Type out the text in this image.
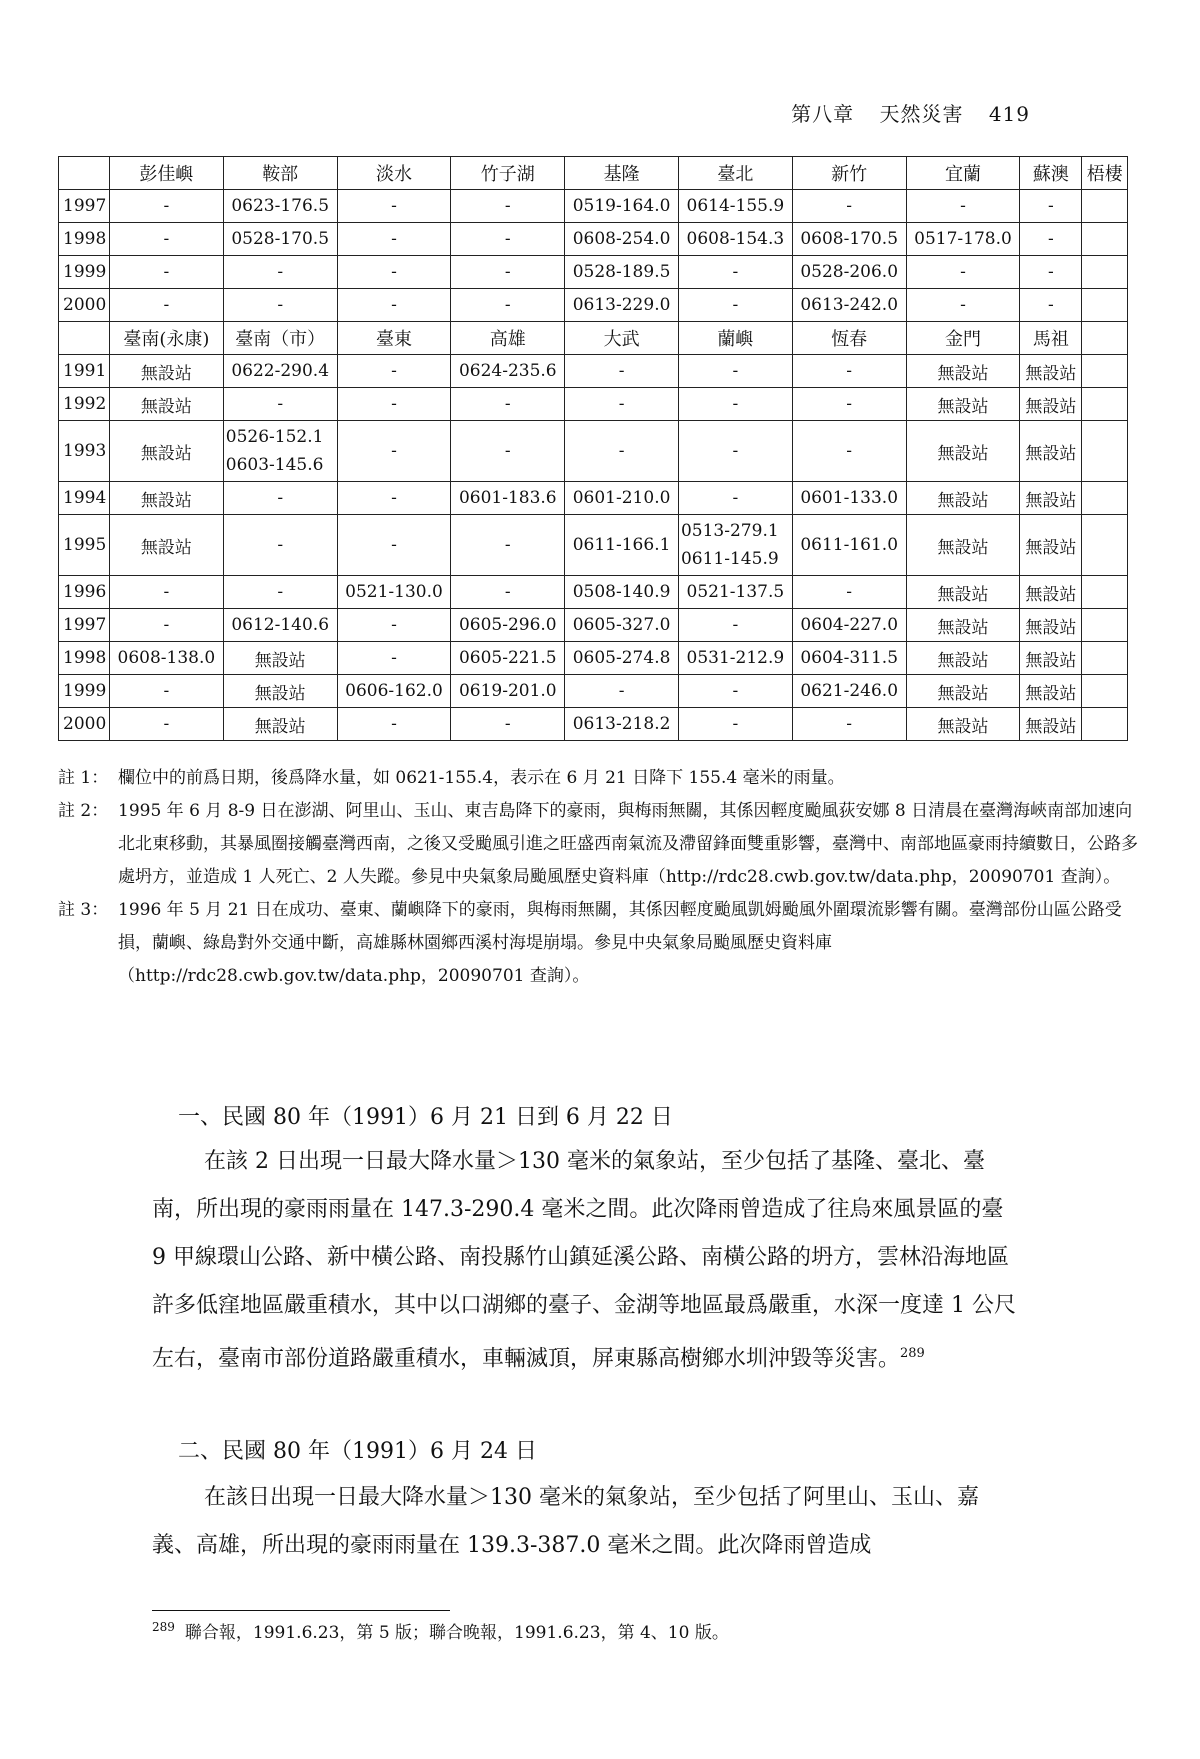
第八章 天然災害 419
	彭佳嶼	鞍部	淡水	竹子湖	基隆	臺北	新竹	宜蘭	蘇澳	梧棲
1997	-	0623-176.5	-	-	0519-164.0	0614-155.9	-	-	-	
1998	-	0528-170.5	-	-	0608-254.0	0608-154.3	0608-170.5	0517-178.0	-	
1999	-	-	-	-	0528-189.5	-	0528-206.0	-	-	
2000	-	-	-	-	0613-229.0	-	0613-242.0	-	-	
	臺南(永康)	臺南（市）	臺東	高雄	大武	蘭嶼	恆春	金門	馬祖	
1991	無設站	0622-290.4	-	0624-235.6	-	-	-	無設站	無設站	
1992	無設站	-	-	-	-	-	-	無設站	無設站	
1993	無設站	0526-152.1
0603-145.6	-	-	-	-	-	無設站	無設站	
1994	無設站	-	-	0601-183.6	0601-210.0	-	0601-133.0	無設站	無設站	
1995	無設站	-	-	-	0611-166.1	0513-279.1
0611-145.9	0611-161.0	無設站	無設站	
1996	-	-	0521-130.0	-	0508-140.9	0521-137.5	-	無設站	無設站	
1997	-	0612-140.6	-	0605-296.0	0605-327.0	-	0604-227.0	無設站	無設站	
1998	0608-138.0	無設站	-	0605-221.5	0605-274.8	0531-212.9	0604-311.5	無設站	無設站	
1999	-	無設站	0606-162.0	0619-201.0	-	-	0621-246.0	無設站	無設站	
2000	-	無設站	-	-	0613-218.2	-	-	無設站	無設站	
註 1： 欄位中的前爲日期，後爲降水量，如 0621-155.4，表示在 6 月 21 日降下 155.4 毫米的雨量。
註 2： 1995 年 6 月 8-9 日在澎湖、阿里山、玉山、東吉島降下的豪雨，與梅雨無關，其係因輕度颱風荻安娜 8 日清晨在臺灣海峽南部加速向北北東移動，其暴風圈接觸臺灣西南，之後又受颱風引進之旺盛西南氣流及滯留鋒面雙重影響，臺灣中、南部地區豪雨持續數日，公路多處坍方，並造成 1 人死亡、2 人失蹤。參見中央氣象局颱風歷史資料庫（http://rdc28.cwb.gov.tw/data.php，20090701 查詢）。
註 3： 1996 年 5 月 21 日在成功、臺東、蘭嶼降下的豪雨，與梅雨無關，其係因輕度颱風凱姆颱風外圍環流影響有關。臺灣部份山區公路受損，蘭嶼、綠島對外交通中斷，高雄縣林園鄉西溪村海堤崩塌。參見中央氣象局颱風歷史資料庫（http://rdc28.cwb.gov.tw/data.php，20090701 查詢）。
一、民國 80 年（1991）6 月 21 日到 6 月 22 日
在該 2 日出現一日最大降水量＞130 毫米的氣象站，至少包括了基隆、臺北、臺南，所出現的豪雨雨量在 147.3-290.4 毫米之間。此次降雨曾造成了往烏來風景區的臺 9 甲線環山公路、新中橫公路、南投縣竹山鎮延溪公路、南橫公路的坍方，雲林沿海地區許多低窪地區嚴重積水，其中以口湖鄉的臺子、金湖等地區最爲嚴重，水深一度達 1 公尺左右，臺南市部份道路嚴重積水，車輛滅頂，屏東縣高樹鄉水圳沖毀等災害。$^{289}$
二、民國 80 年（1991）6 月 24 日
在該日出現一日最大降水量＞130 毫米的氣象站，至少包括了阿里山、玉山、嘉義、高雄，所出現的豪雨雨量在 139.3-387.0 毫米之間。此次降雨曾造成
$^{289}$ 聯合報，1991.6.23，第 5 版；聯合晚報，1991.6.23，第 4、10 版。
